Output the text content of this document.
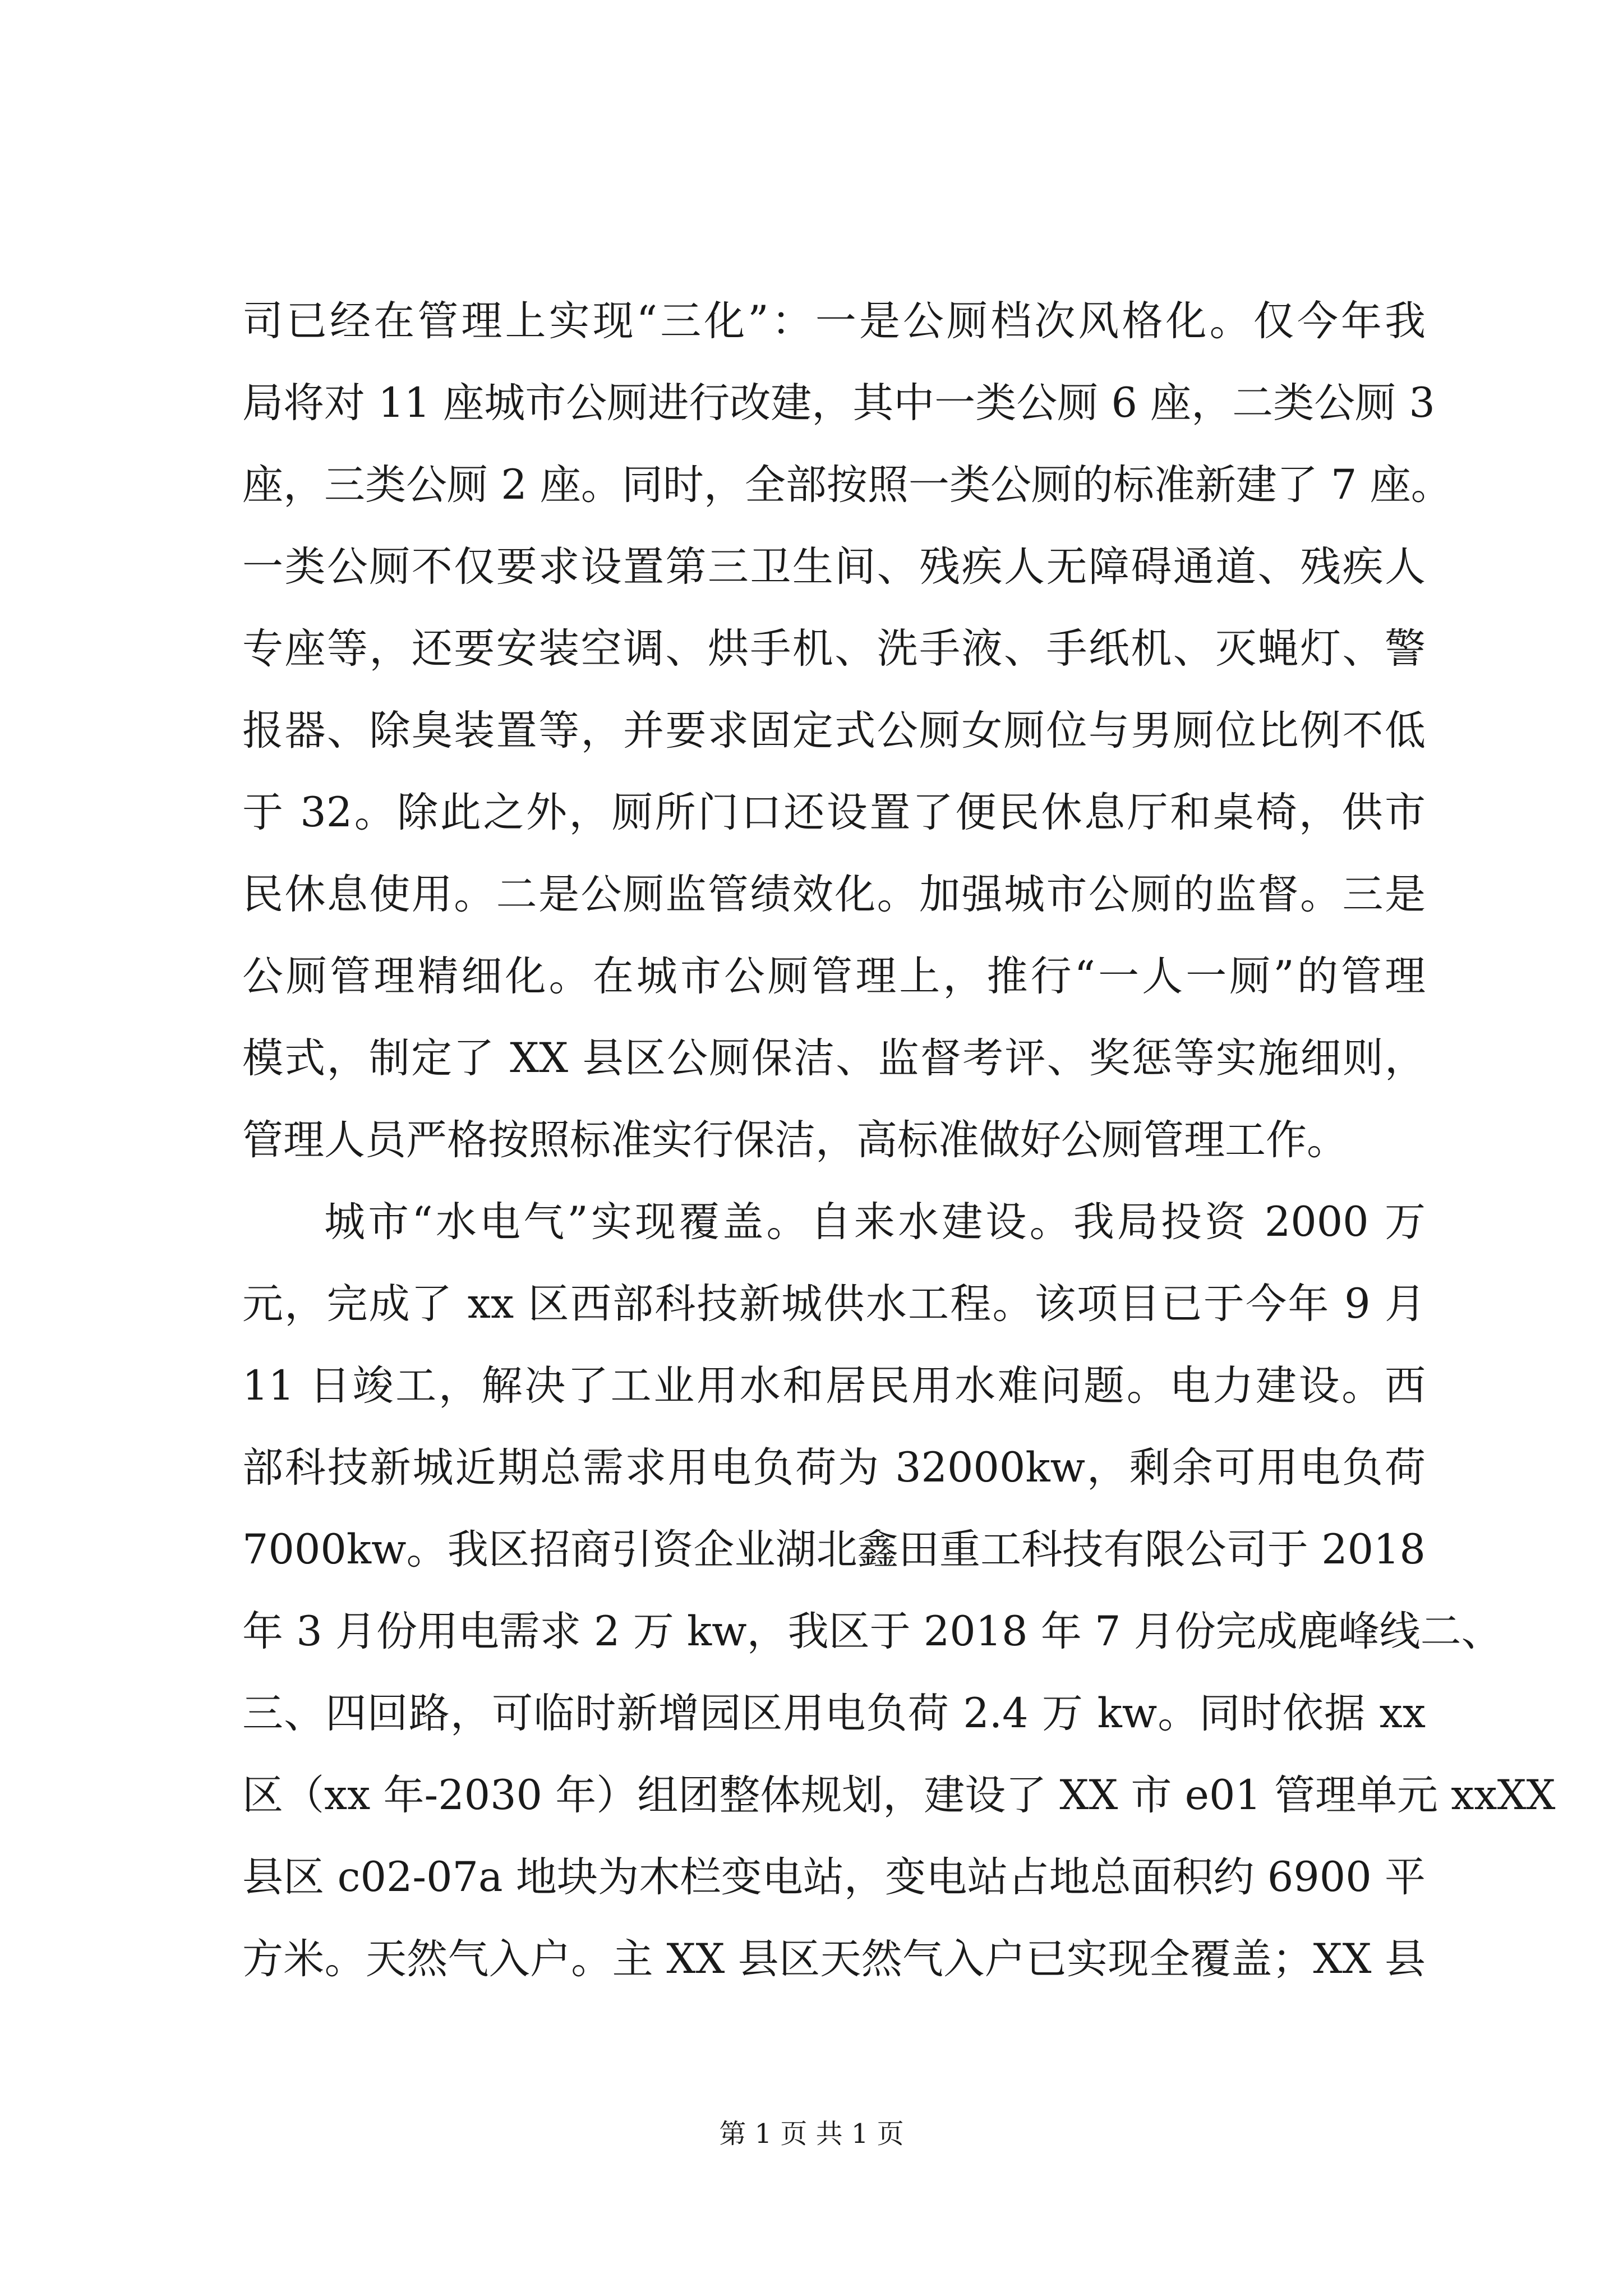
司已经在管理上实现“三化”：一是公厕档次风格化。仅今年我
局将对 11 座城市公厕进行改建，其中一类公厕 6 座，二类公厕 3
座，三类公厕 2 座。同时，全部按照一类公厕的标准新建了 7 座。
一类公厕不仅要求设置第三卫生间、残疾人无障碍通道、残疾人
专座等，还要安装空调、烘手机、洗手液、手纸机、灭蝇灯、警
报器、除臭装置等，并要求固定式公厕女厕位与男厕位比例不低
于 32。除此之外，厕所门口还设置了便民休息厅和桌椅，供市
民休息使用。二是公厕监管绩效化。加强城市公厕的监督。三是
公厕管理精细化。在城市公厕管理上，推行“一人一厕”的管理
模式，制定了 XX 县区公厕保洁、监督考评、奖惩等实施细则，
管理人员严格按照标准实行保洁，高标准做好公厕管理工作。
城市“水电气”实现覆盖。自来水建设。我局投资 2000 万
元，完成了 xx 区西部科技新城供水工程。该项目已于今年 9 月
11 日竣工，解决了工业用水和居民用水难问题。电力建设。西
部科技新城近期总需求用电负荷为 32000kw，剩余可用电负荷
7000kw。我区招商引资企业湖北鑫田重工科技有限公司于 2018
年 3 月份用电需求 2 万 kw，我区于 2018 年 7 月份完成鹿峰线二、
三、四回路，可临时新增园区用电负荷 2.4 万 kw。同时依据 xx
区（xx 年-2030 年）组团整体规划，建设了 XX 市 e01 管理单元 xxXX
县区 c02-07a 地块为木栏变电站，变电站占地总面积约 6900 平
方米。天然气入户。主 XX 县区天然气入户已实现全覆盖；XX 县
第 1 页 共 1 页
